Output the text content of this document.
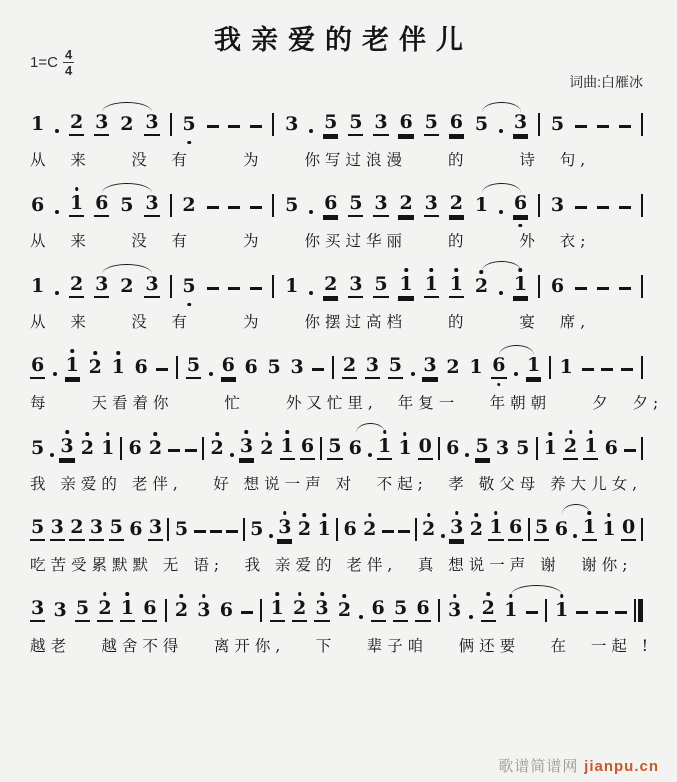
我亲爱的老伴儿
$1=C \frac{4}{4}$
词曲:白雁冰
1 2 3 2 3 5	3 5 5 3 6 5 6 5 3 5
从  来　  没  有　　 为　　你写过浪漫　　的　　 诗  句,
6 1 6 5 3 2	5 6 5 3 2 3 2 1 6 3
从  来　  没  有　　 为　　你买过华丽　　的　　 外  衣;
1 2 3 2 3 5	1 2 3 5 1 1 1 2 1 6
从  来　  没  有　　 为　　你摆过高档　　的　　 宴  席,
6 1 2 1 6 5 6 6 5 3 2 3 5 3 2 1 6 1 1
每　　天看着你　　 忙　　外又忙里,  年复一　 年朝朝　　夕  夕;
5 3 2 1 6 2	2 3 2 1 6 5 6 1 1 0 6 5 3 5 1 2 1 6
我 亲爱的 老伴,　 好 想说一声 对　不起;　孝 敬父母 养大儿女,
5 3 2 3 5 6 3 5	5 3 2 1 6 2 2 3 2 1 6 5 6 1 1 0
吃苦受累默默 无 语;　我 亲爱的 老伴,　真 想说一声 谢　谢你;
3 3 5 2 1 6 2 3 6 1 2 3 2 6 5 6 3 2 1 1
越老　 越舍不得　 离开你,　 下　 辈子咱　 俩还要　 在  一起 !
歌谱简谱网 jianpu.cn
